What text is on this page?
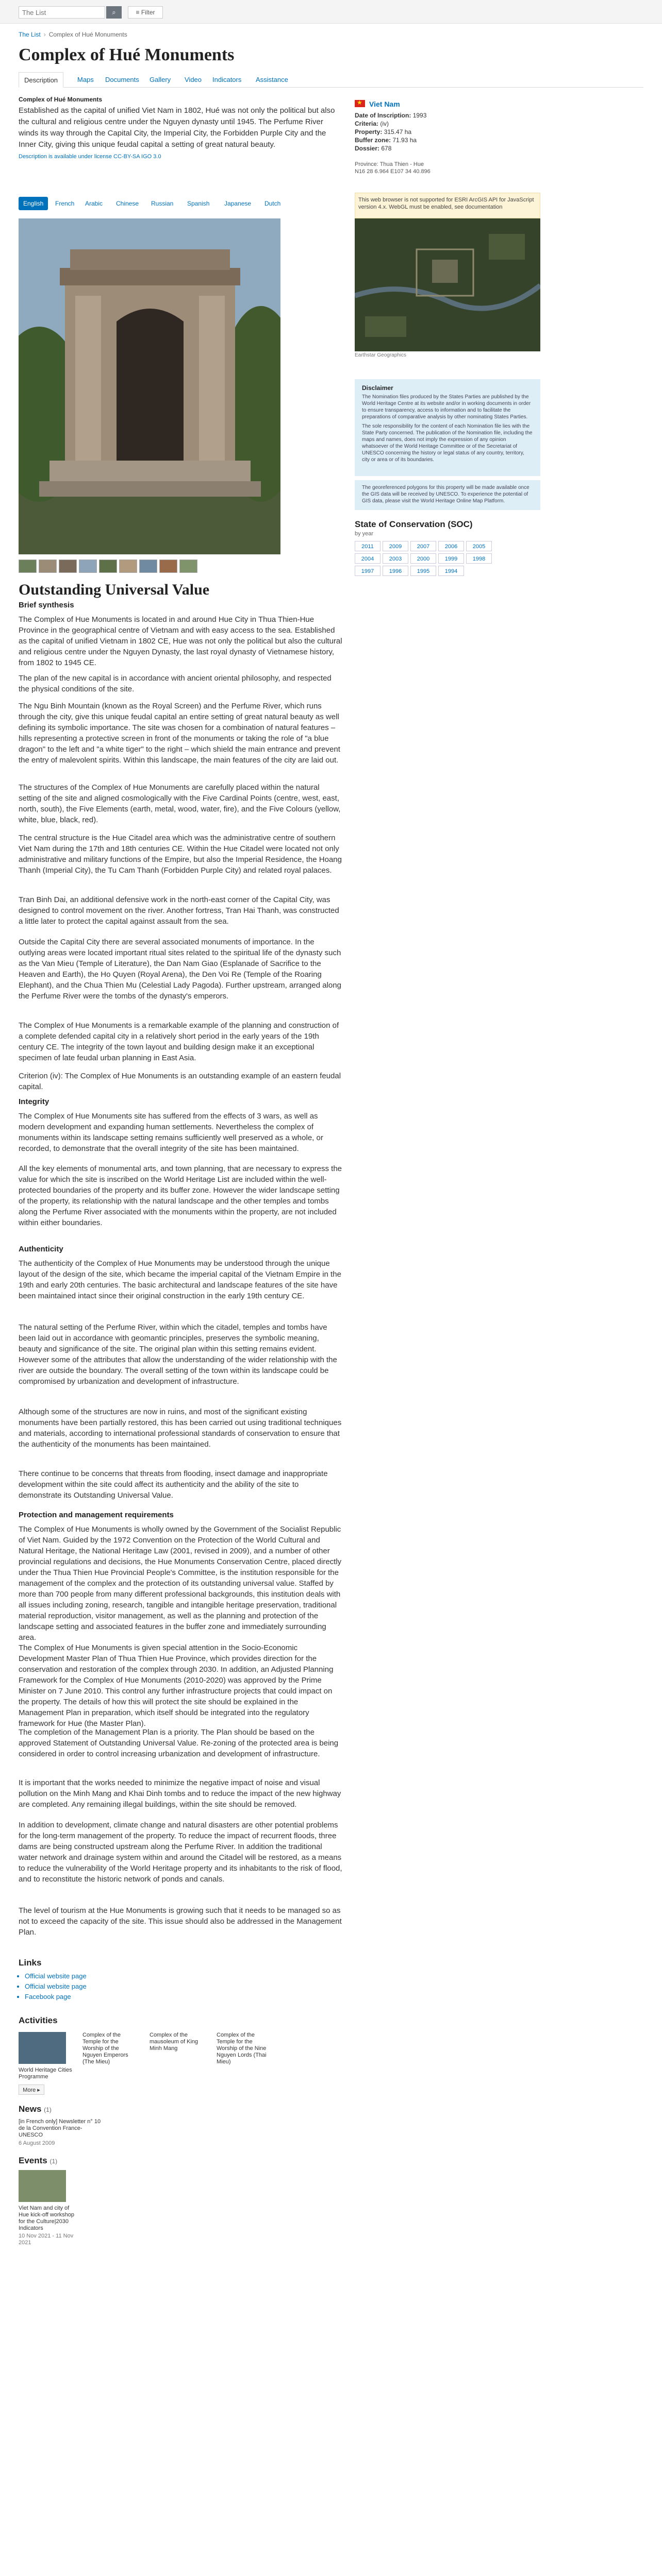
The List
⌕	≡ Filter
The List › Complex of Hué Monuments
Complex of Hué Monuments
Description	Maps	Documents	Gallery	Video	Indicators	Assistance
Complex of Hué Monuments

Established as the capital of unified Viet Nam in 1802, Hué was not only the political but also the cultural and religious centre under the Nguyen dynasty until 1945. The Perfume River winds its way through the Capital City, the Imperial City, the Forbidden Purple City and the Inner City, giving this unique feudal capital a setting of great natural beauty.

Description is available under license CC-BY-SA IGO 3.0
English	French	Arabic	Chinese	Russian	Spanish	Japanese	Dutch
Outstanding Universal Value
Brief synthesis

The Complex of Hue Monuments is located in and around Hue City in Thua Thien-Hue Province in the geographical centre of Vietnam and with easy access to the sea. Established as the capital of unified Vietnam in 1802 CE, Hue was not only the political but also the cultural and religious centre under the Nguyen Dynasty, the last royal dynasty of Vietnamese history, from 1802 to 1945 CE.

The plan of the new capital is in accordance with ancient oriental philosophy, and respected the physical conditions of the site.

The Ngu Binh Mountain (known as the Royal Screen) and the Perfume River, which runs through the city, give this unique feudal capital an entire setting of great natural beauty as well defining its symbolic importance. The site was chosen for a combination of natural features – hills representing a protective screen in front of the monuments or taking the role of "a blue dragon" to the left and "a white tiger" to the right – which shield the main entrance and prevent the entry of malevolent spirits. Within this landscape, the main features of the city are laid out.

The structures of the Complex of Hue Monuments are carefully placed within the natural setting of the site and aligned cosmologically with the Five Cardinal Points (centre, west, east, north, south), the Five Elements (earth, metal, wood, water, fire), and the Five Colours (yellow, white, blue, black, red).

The central structure is the Hue Citadel area which was the administrative centre of southern Viet Nam during the 17th and 18th centuries CE. Within the Hue Citadel were located not only administrative and military functions of the Empire, but also the Imperial Residence, the Hoang Thanh (Imperial City), the Tu Cam Thanh (Forbidden Purple City) and related royal palaces.

Tran Binh Dai, an additional defensive work in the north-east corner of the Capital City, was designed to control movement on the river. Another fortress, Tran Hai Thanh, was constructed a little later to protect the capital against assault from the sea.

Outside the Capital City there are several associated monuments of importance. In the outlying areas were located important ritual sites related to the spiritual life of the dynasty such as the Van Mieu (Temple of Literature), the Dan Nam Giao (Esplanade of Sacrifice to the Heaven and Earth), the Ho Quyen (Royal Arena), the Den Voi Re (Temple of the Roaring Elephant), and the Chua Thien Mu (Celestial Lady Pagoda). Further upstream, arranged along the Perfume River were the tombs of the dynasty's emperors.

The Complex of Hue Monuments is a remarkable example of the planning and construction of a complete defended capital city in a relatively short period in the early years of the 19th century CE. The integrity of the town layout and building design make it an exceptional specimen of late feudal urban planning in East Asia.

Criterion (iv): The Complex of Hue Monuments is an outstanding example of an eastern feudal capital.

Integrity

The Complex of Hue Monuments site has suffered from the effects of 3 wars, as well as modern development and expanding human settlements. Nevertheless the complex of monuments within its landscape setting remains sufficiently well preserved as a whole, or recorded, to demonstrate that the overall integrity of the site has been maintained.

All the key elements of monumental arts, and town planning, that are necessary to express the value for which the site is inscribed on the World Heritage List are included within the well-protected boundaries of the property and its buffer zone. However the wider landscape setting of the property, its relationship with the natural landscape and the other temples and tombs along the Perfume River associated with the monuments within the property, are not included within either boundaries.

Authenticity

The authenticity of the Complex of Hue Monuments may be understood through the unique layout of the design of the site, which became the imperial capital of the Vietnam Empire in the 19th and early 20th centuries. The basic architectural and landscape features of the site have been maintained intact since their original construction in the early 19th century CE.

The natural setting of the Perfume River, within which the citadel, temples and tombs have been laid out in accordance with geomantic principles, preserves the symbolic meaning, beauty and significance of the site. The original plan within this setting remains evident. However some of the attributes that allow the understanding of the wider relationship with the river are outside the boundary. The overall setting of the town within its landscape could be compromised by urbanization and development of infrastructure.

Although some of the structures are now in ruins, and most of the significant existing monuments have been partially restored, this has been carried out using traditional techniques and materials, according to international professional standards of conservation to ensure that the authenticity of the monuments has been maintained.

There continue to be concerns that threats from flooding, insect damage and inappropriate development within the site could affect its authenticity and the ability of the site to demonstrate its Outstanding Universal Value.

Protection and management requirements

The Complex of Hue Monuments is wholly owned by the Government of the Socialist Republic of Viet Nam. Guided by the 1972 Convention on the Protection of the World Cultural and Natural Heritage, the National Heritage Law (2001, revised in 2009), and a number of other provincial regulations and decisions, the Hue Monuments Conservation Centre, placed directly under the Thua Thien Hue Provincial People's Committee, is the institution responsible for the management of the complex and the protection of its outstanding universal value. Staffed by more than 700 people from many different professional backgrounds, this institution deals with all issues including zoning, research, tangible and intangible heritage preservation, traditional material reproduction, visitor management, as well as the planning and protection of the landscape setting and associated features in the buffer zone and immediately surrounding area.

The Complex of Hue Monuments is given special attention in the Socio-Economic Development Master Plan of Thua Thien Hue Province, which provides direction for the conservation and restoration of the complex through 2030. In addition, an Adjusted Planning Framework for the Complex of Hue Monuments (2010-2020) was approved by the Prime Minister on 7 June 2010. This control any further infrastructure projects that could impact on the property. The details of how this will protect the site should be explained in the Management Plan in preparation, which itself should be integrated into the regulatory framework for Hue (the Master Plan).

The completion of the Management Plan is a priority. The Plan should be based on the approved Statement of Outstanding Universal Value. Re-zoning of the protected area is being considered in order to control increasing urbanization and development of infrastructure.

It is important that the works needed to minimize the negative impact of noise and visual pollution on the Minh Mang and Khai Dinh tombs and to reduce the impact of the new highway are completed. Any remaining illegal buildings, within the site should be removed.

In addition to development, climate change and natural disasters are other potential problems for the long-term management of the property. To reduce the impact of recurrent floods, three dams are being constructed upstream along the Perfume River. In addition the traditional water network and drainage system within and around the Citadel will be restored, as a means to reduce the vulnerability of the World Heritage property and its inhabitants to the risk of flood, and to reconstitute the historic network of ponds and canals.

The level of tourism at the Hue Monuments is growing such that it needs to be managed so as not to exceed the capacity of the site. This issue should also be addressed in the Management Plan.

★ Viet Nam
Date of Inscription: 1993
Criteria: (iv)
Property: 315.47 ha
Buffer zone: 71.93 ha
Dossier: 678
Province: Thua Thien - Hue
N16 28 6.964 E107 34 40.896
This web browser is not supported for ESRI ArcGIS API for JavaScript version 4.x. WebGL must be enabled, see documentation
Earthstar Geographics
Disclaimer

The Nomination files produced by the States Parties are published by the World Heritage Centre at its website and/or in working documents in order to ensure transparency, access to information and to facilitate the preparations of comparative analysis by other nominating States Parties.

The sole responsibility for the content of each Nomination file lies with the State Party concerned. The publication of the Nomination file, including the maps and names, does not imply the expression of any opinion whatsoever of the World Heritage Committee or of the Secretariat of UNESCO concerning the history or legal status of any country, territory, city or area or of its boundaries.

The georeferenced polygons for this property will be made available once the GIS data will be received by UNESCO. To experience the potential of GIS data, please visit the World Heritage Online Map Platform.
State of Conservation (SOC)
by year
2011	2009	2007	2006	2005
2004	2003	2000	1999	1998
1997	1996	1995	1994
Links
• Official website page
• Official website page
• Facebook page
Activities
World Heritage Cities Programme
Complex of the Temple for the Worship of the Nguyen Emperors (The Mieu)
Complex of the mausoleum of King Minh Mang
Complex of the Temple for the Worship of the Nine Nguyen Lords (Thai Mieu)
More ▸
News (1)
[in French only] Newsletter n° 10 de la Convention France-UNESCO
6 August 2009
Events (1)
Viet Nam and city of Hue kick-off workshop for the Culture|2030 Indicators
10 Nov 2021 - 11 Nov 2021
